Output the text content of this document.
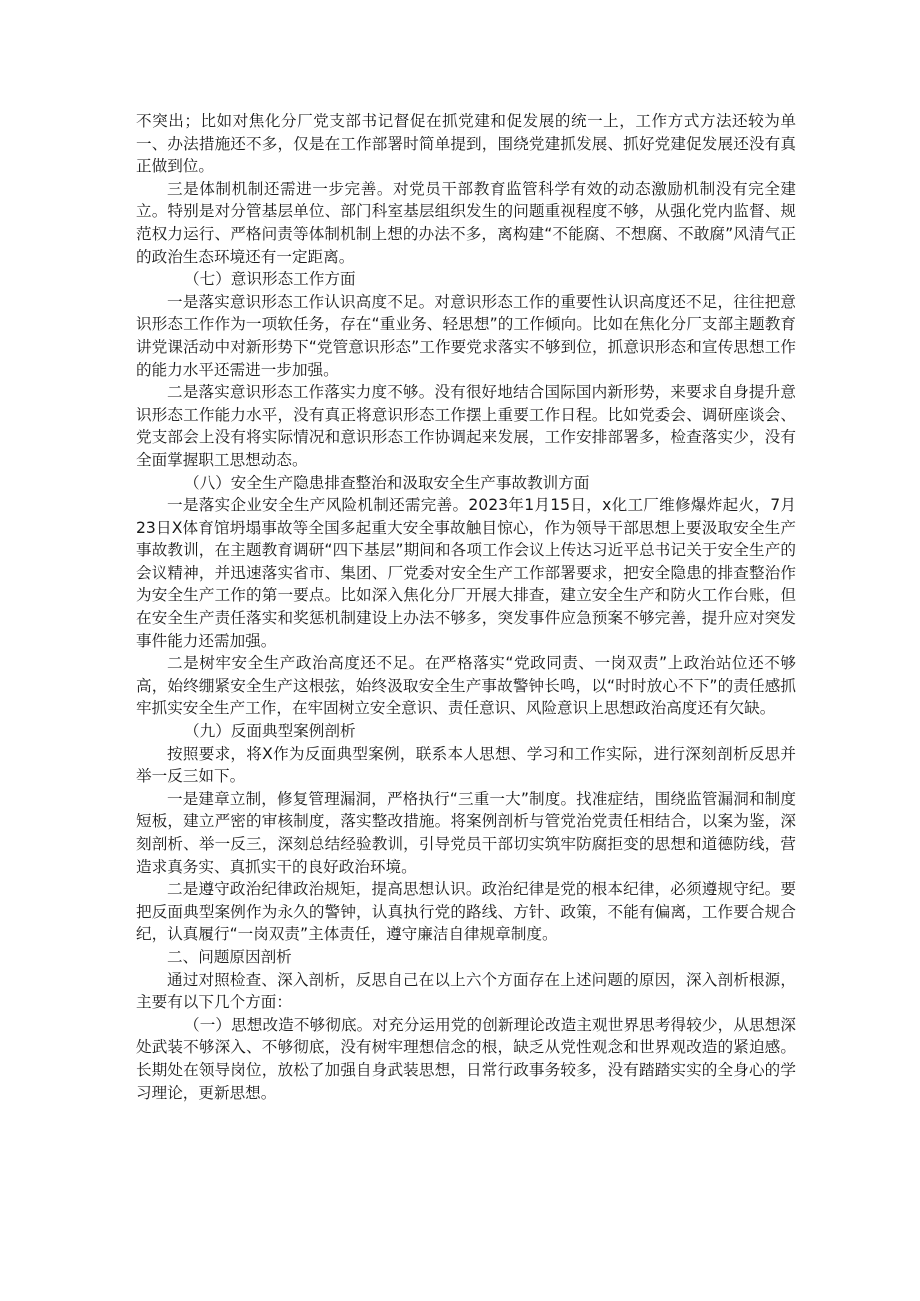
不突出；比如对焦化分厂党支部书记督促在抓党建和促发展的统一上，工作方式方法还较为单一、办法措施还不多，仅是在工作部署时简单提到，围绕党建抓发展、抓好党建促发展还没有真正做到位。

三是体制机制还需进一步完善。对党员干部教育监管科学有效的动态激励机制没有完全建立。特别是对分管基层单位、部门科室基层组织发生的问题重视程度不够，从强化党内监督、规范权力运行、严格问责等体制机制上想的办法不多，离构建“不能腐、不想腐、不敢腐”风清气正的政治生态环境还有一定距离。

（七）意识形态工作方面

一是落实意识形态工作认识高度不足。对意识形态工作的重要性认识高度还不足，往往把意识形态工作作为一项软任务，存在“重业务、轻思想”的工作倾向。比如在焦化分厂支部主题教育讲党课活动中对新形势下“党管意识形态”工作要党求落实不够到位，抓意识形态和宣传思想工作的能力水平还需进一步加强。

二是落实意识形态工作落实力度不够。没有很好地结合国际国内新形势，来要求自身提升意识形态工作能力水平，没有真正将意识形态工作摆上重要工作日程。比如党委会、调研座谈会、党支部会上没有将实际情况和意识形态工作协调起来发展，工作安排部署多，检查落实少，没有全面掌握职工思想动态。

（八）安全生产隐患排查整治和汲取安全生产事故教训方面

一是落实企业安全生产风险机制还需完善。2023年1月15日，x化工厂维修爆炸起火，7月23日X体育馆坍塌事故等全国多起重大安全事故触目惊心，作为领导干部思想上要汲取安全生产事故教训，在主题教育调研“四下基层”期间和各项工作会议上传达习近平总书记关于安全生产的会议精神，并迅速落实省市、集团、厂党委对安全生产工作部署要求，把安全隐患的排查整治作为安全生产工作的第一要点。比如深入焦化分厂开展大排查，建立安全生产和防火工作台账，但在安全生产责任落实和奖惩机制建设上办法不够多，突发事件应急预案不够完善，提升应对突发事件能力还需加强。

二是树牢安全生产政治高度还不足。在严格落实“党政同责、一岗双责”上政治站位还不够高，始终绷紧安全生产这根弦，始终汲取安全生产事故警钟长鸣，以“时时放心不下”的责任感抓牢抓实安全生产工作，在牢固树立安全意识、责任意识、风险意识上思想政治高度还有欠缺。

（九）反面典型案例剖析

按照要求，将X作为反面典型案例，联系本人思想、学习和工作实际，进行深刻剖析反思并举一反三如下。

一是建章立制，修复管理漏洞，严格执行“三重一大”制度。找准症结，围绕监管漏洞和制度短板，建立严密的审核制度，落实整改措施。将案例剖析与管党治党责任相结合，以案为鉴，深刻剖析、举一反三，深刻总结经验教训，引导党员干部切实筑牢防腐拒变的思想和道德防线，营造求真务实、真抓实干的良好政治环境。

二是遵守政治纪律政治规矩，提高思想认识。政治纪律是党的根本纪律，必须遵规守纪。要把反面典型案例作为永久的警钟，认真执行党的路线、方针、政策，不能有偏离，工作要合规合纪，认真履行“一岗双责”主体责任，遵守廉洁自律规章制度。

二、问题原因剖析

通过对照检查、深入剖析，反思自己在以上六个方面存在上述问题的原因，深入剖析根源，主要有以下几个方面：

（一）思想改造不够彻底。对充分运用党的创新理论改造主观世界思考得较少，从思想深处武装不够深入、不够彻底，没有树牢理想信念的根，缺乏从党性观念和世界观改造的紧迫感。长期处在领导岗位，放松了加强自身武装思想，日常行政事务较多，没有踏踏实实的全身心的学习理论，更新思想。
